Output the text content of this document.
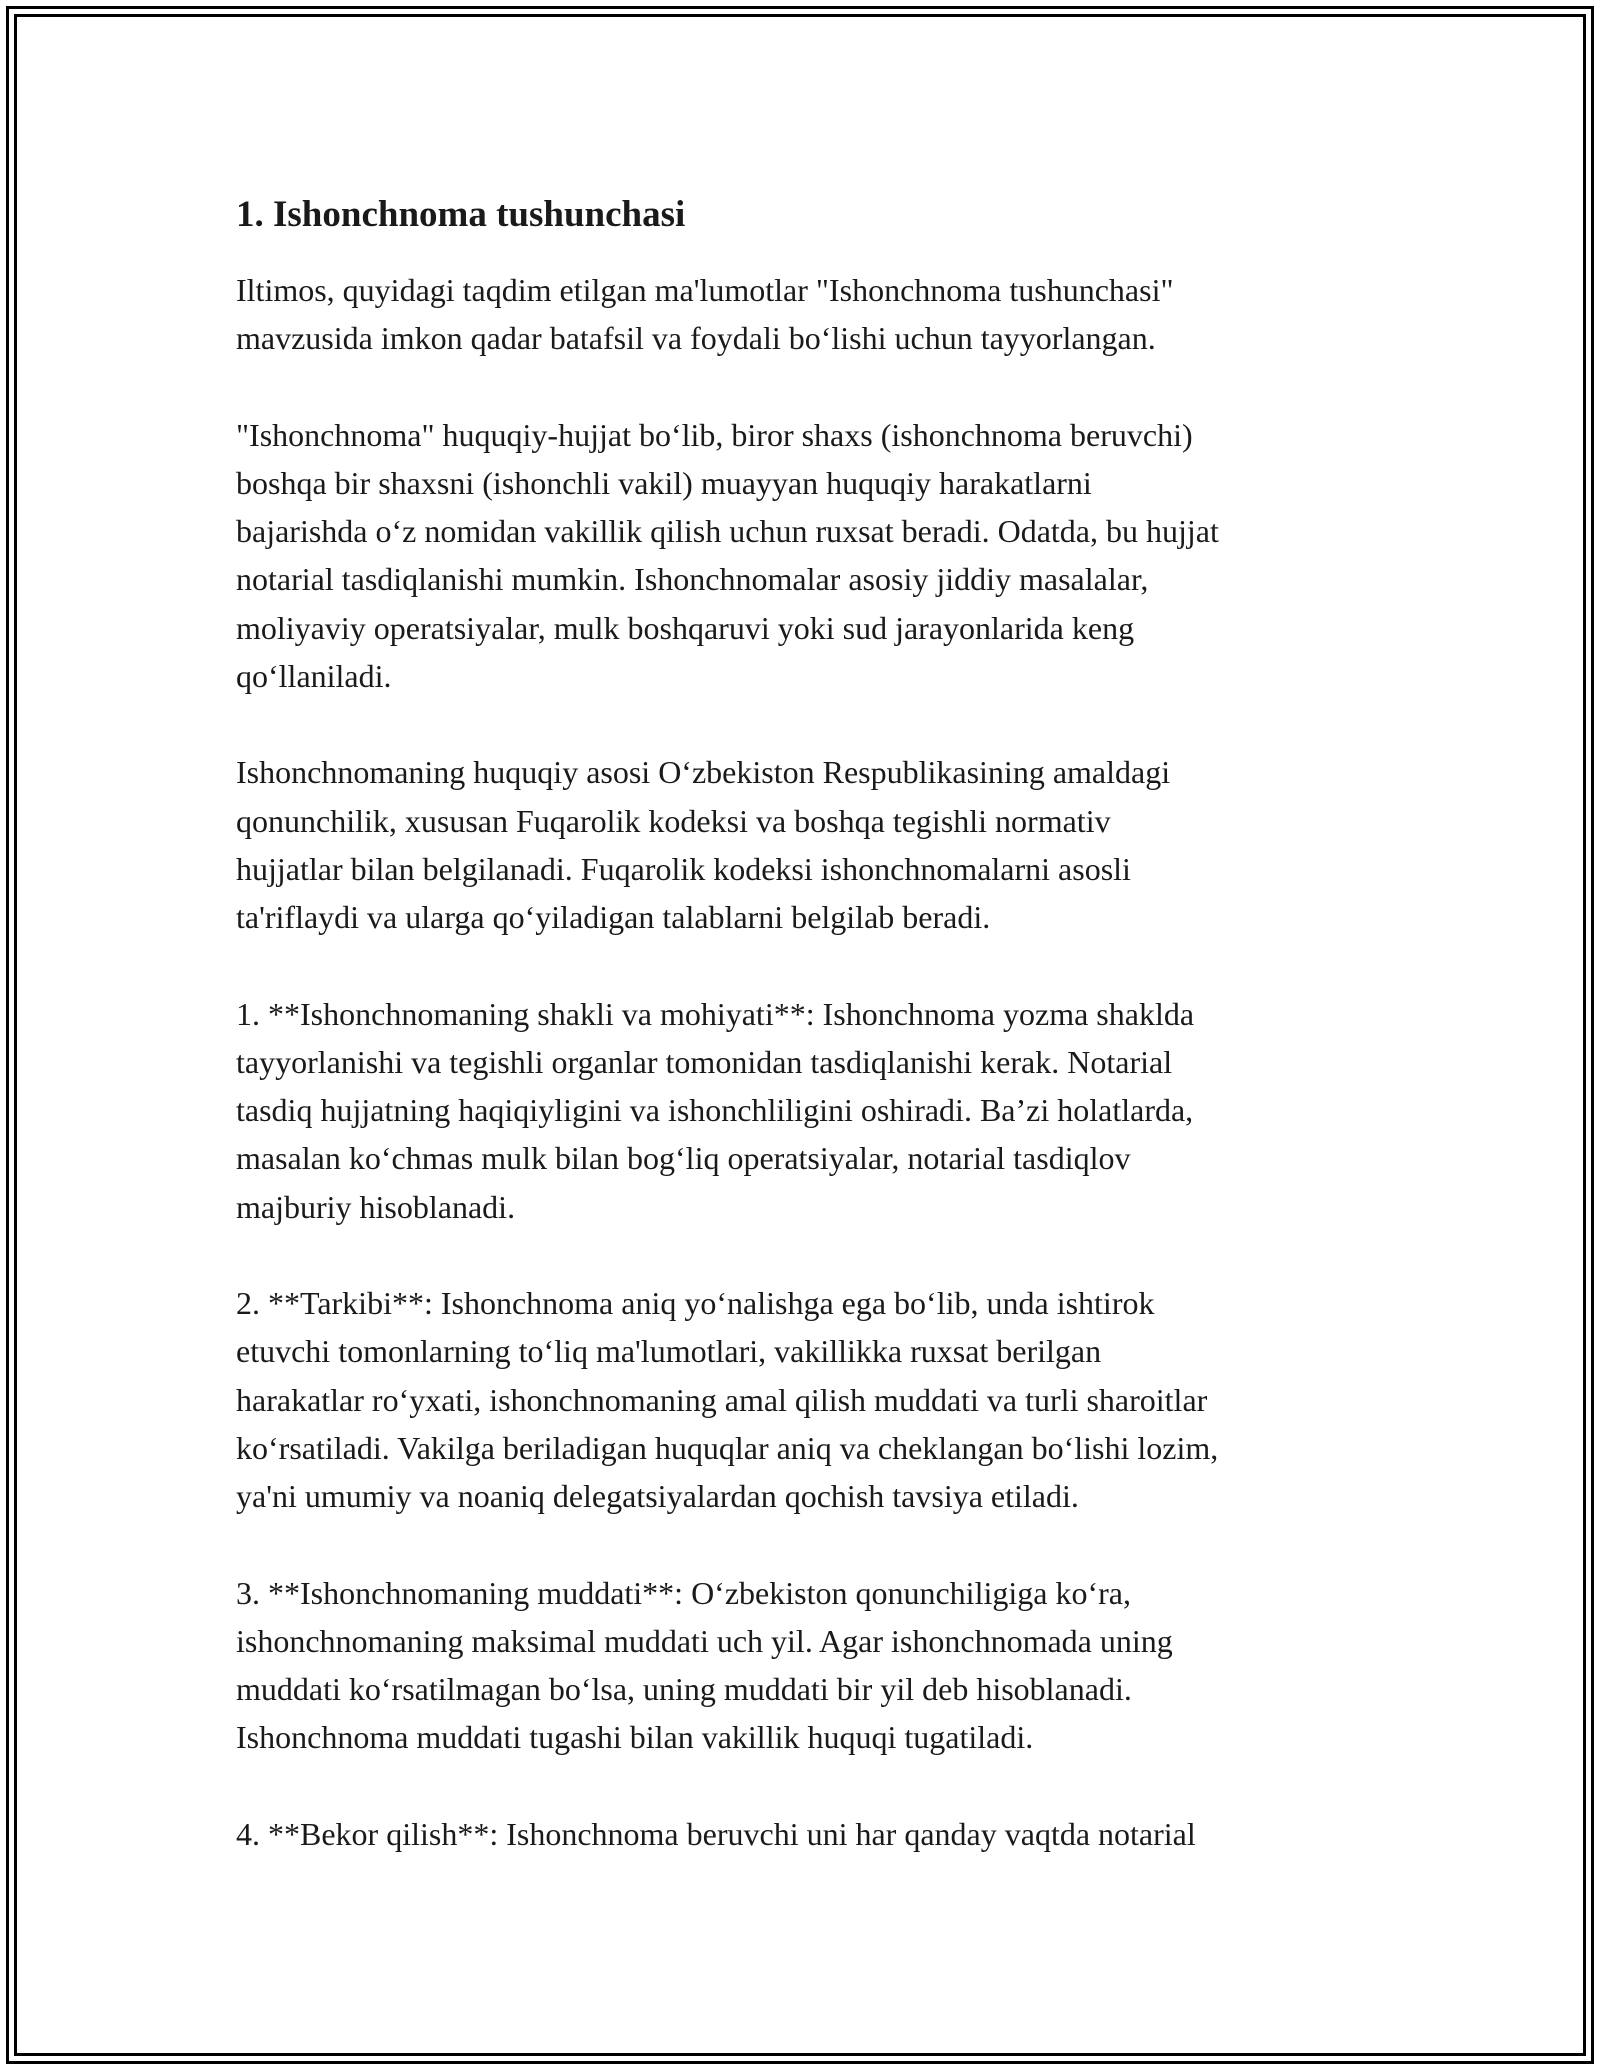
1. Ishonchnoma tushunchasi

Iltimos, quyidagi taqdim etilgan ma'lumotlar "Ishonchnoma tushunchasi"
mavzusida imkon qadar batafsil va foydali bo‘lishi uchun tayyorlangan.

"Ishonchnoma" huquqiy-hujjat bo‘lib, biror shaxs (ishonchnoma beruvchi)
boshqa bir shaxsni (ishonchli vakil) muayyan huquqiy harakatlarni
bajarishda o‘z nomidan vakillik qilish uchun ruxsat beradi. Odatda, bu hujjat
notarial tasdiqlanishi mumkin. Ishonchnomalar asosiy jiddiy masalalar,
moliyaviy operatsiyalar, mulk boshqaruvi yoki sud jarayonlarida keng
qo‘llaniladi.

Ishonchnomaning huquqiy asosi O‘zbekiston Respublikasining amaldagi
qonunchilik, xususan Fuqarolik kodeksi va boshqa tegishli normativ
hujjatlar bilan belgilanadi. Fuqarolik kodeksi ishonchnomalarni asosli
ta'riflaydi va ularga qo‘yiladigan talablarni belgilab beradi.

1. **Ishonchnomaning shakli va mohiyati**: Ishonchnoma yozma shaklda
tayyorlanishi va tegishli organlar tomonidan tasdiqlanishi kerak. Notarial
tasdiq hujjatning haqiqiyligini va ishonchliligini oshiradi. Ba’zi holatlarda,
masalan ko‘chmas mulk bilan bog‘liq operatsiyalar, notarial tasdiqlov
majburiy hisoblanadi.

2. **Tarkibi**: Ishonchnoma aniq yo‘nalishga ega bo‘lib, unda ishtirok
etuvchi tomonlarning to‘liq ma'lumotlari, vakillikka ruxsat berilgan
harakatlar ro‘yxati, ishonchnomaning amal qilish muddati va turli sharoitlar
ko‘rsatiladi. Vakilga beriladigan huquqlar aniq va cheklangan bo‘lishi lozim,
ya'ni umumiy va noaniq delegatsiyalardan qochish tavsiya etiladi.

3. **Ishonchnomaning muddati**: O‘zbekiston qonunchiligiga ko‘ra,
ishonchnomaning maksimal muddati uch yil. Agar ishonchnomada uning
muddati ko‘rsatilmagan bo‘lsa, uning muddati bir yil deb hisoblanadi.
Ishonchnoma muddati tugashi bilan vakillik huquqi tugatiladi.

4. **Bekor qilish**: Ishonchnoma beruvchi uni har qanday vaqtda notarial
